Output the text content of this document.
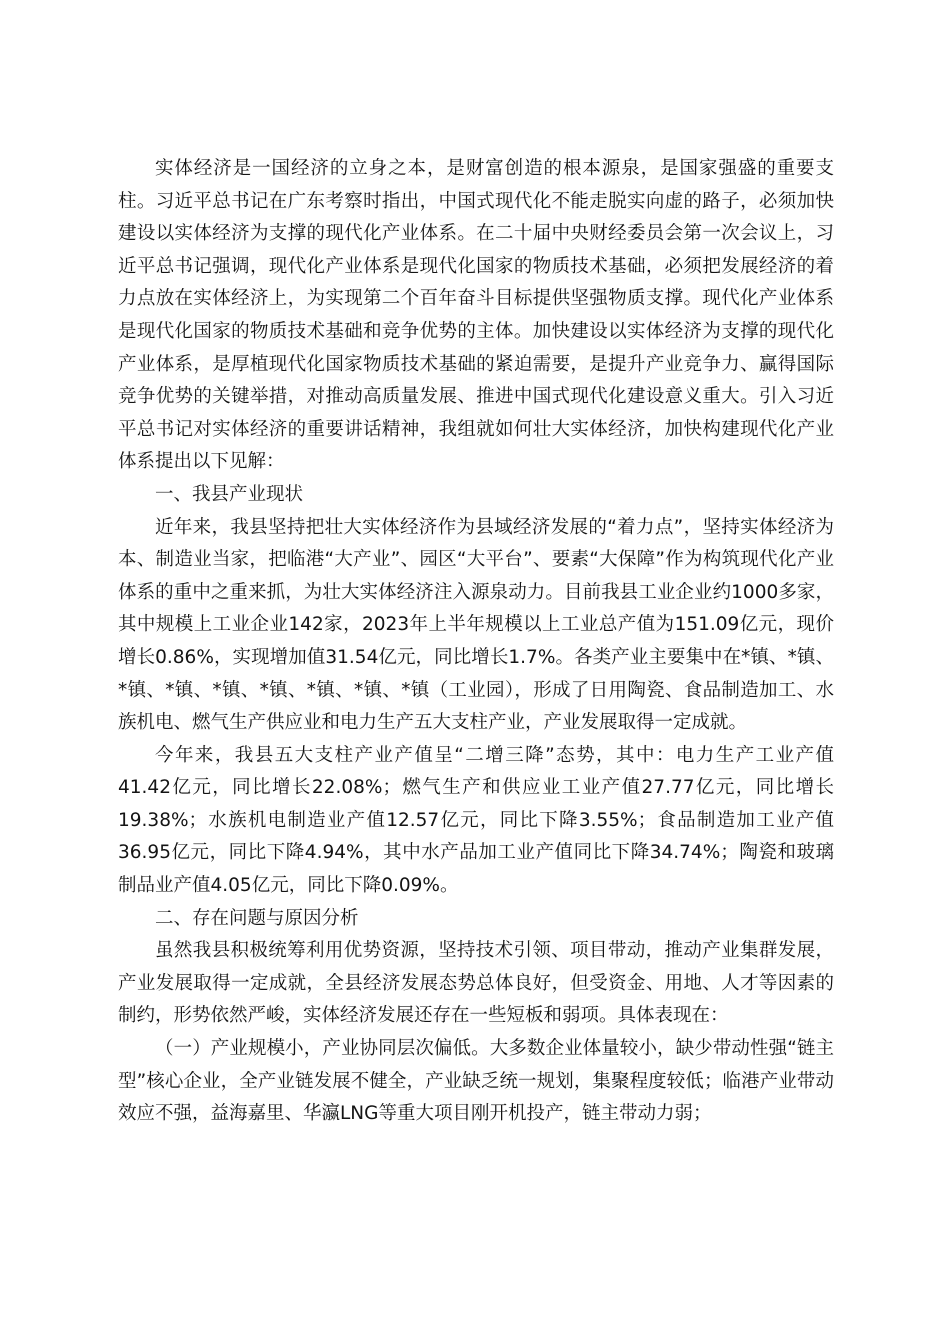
实体经济是一国经济的立身之本，是财富创造的根本源泉，是国家强盛的重要支柱。习近平总书记在广东考察时指出，中国式现代化不能走脱实向虚的路子，必须加快建设以实体经济为支撑的现代化产业体系。在二十届中央财经委员会第一次会议上，习近平总书记强调，现代化产业体系是现代化国家的物质技术基础，必须把发展经济的着力点放在实体经济上，为实现第二个百年奋斗目标提供坚强物质支撑。现代化产业体系是现代化国家的物质技术基础和竞争优势的主体。加快建设以实体经济为支撑的现代化产业体系，是厚植现代化国家物质技术基础的紧迫需要，是提升产业竞争力、赢得国际竞争优势的关键举措，对推动高质量发展、推进中国式现代化建设意义重大。引入习近平总书记对实体经济的重要讲话精神，我组就如何壮大实体经济，加快构建现代化产业体系提出以下见解：

一、我县产业现状

近年来，我县坚持把壮大实体经济作为县域经济发展的“着力点”，坚持实体经济为本、制造业当家，把临港“大产业”、园区“大平台”、要素“大保障”作为构筑现代化产业体系的重中之重来抓，为壮大实体经济注入源泉动力。目前我县工业企业约1000多家，其中规模上工业企业142家，2023年上半年规模以上工业总产值为151.09亿元，现价增长0.86%，实现增加值31.54亿元，同比增长1.7%。各类产业主要集中在*镇、*镇、*镇、*镇、*镇、*镇、*镇、*镇、*镇（工业园），形成了日用陶瓷、食品制造加工、水族机电、燃气生产供应业和电力生产五大支柱产业，产业发展取得一定成就。

今年来，我县五大支柱产业产值呈“二增三降”态势，其中：电力生产工业产值41.42亿元，同比增长22.08%；燃气生产和供应业工业产值27.77亿元，同比增长19.38%；水族机电制造业产值12.57亿元，同比下降3.55%；食品制造加工业产值36.95亿元，同比下降4.94%，其中水产品加工业产值同比下降34.74%；陶瓷和玻璃制品业产值4.05亿元，同比下降0.09%。

二、存在问题与原因分析

虽然我县积极统筹利用优势资源，坚持技术引领、项目带动，推动产业集群发展，产业发展取得一定成就，全县经济发展态势总体良好，但受资金、用地、人才等因素的制约，形势依然严峻，实体经济发展还存在一些短板和弱项。具体表现在：

（一）产业规模小，产业协同层次偏低。大多数企业体量较小，缺少带动性强“链主型”核心企业，全产业链发展不健全，产业缺乏统一规划，集聚程度较低；临港产业带动效应不强，益海嘉里、华瀛LNG等重大项目刚开机投产，链主带动力弱；
